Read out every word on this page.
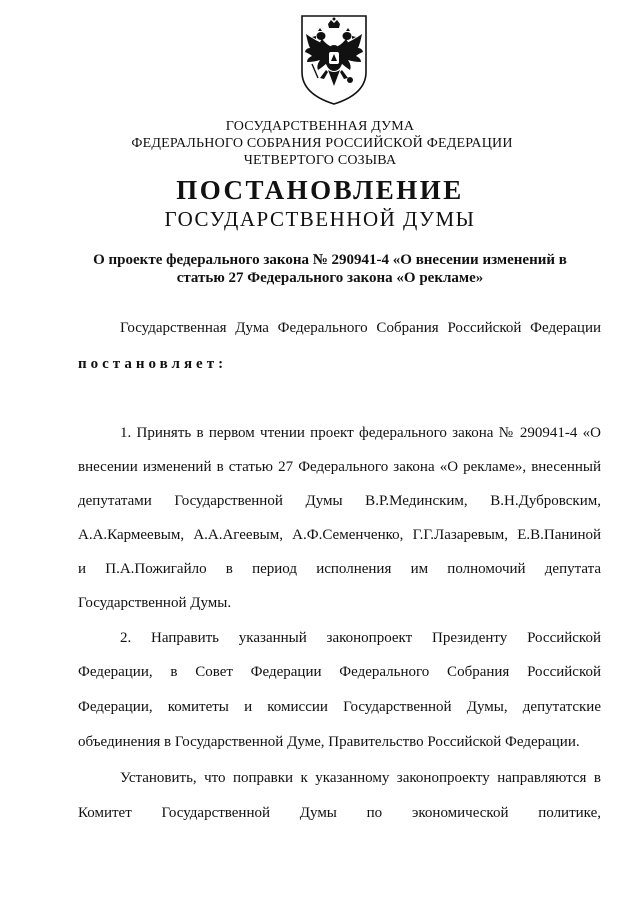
ГОСУДАРСТВЕННАЯ ДУМА
ФЕДЕРАЛЬНОГО СОБРАНИЯ РОССИЙСКОЙ ФЕДЕРАЦИИ
ЧЕТВЕРТОГО СОЗЫВА
ПОСТАНОВЛЕНИЕ
ГОСУДАРСТВЕННОЙ ДУМЫ
О проекте федерального закона № 290941-4 «О внесении изменений в
статью 27 Федерального закона «О рекламе»
Государственная Дума Федерального Собрания Российской Федерации
постановляет:
1. Принять в первом чтении проект федерального закона № 290941-4 «О
внесении изменений в статью 27 Федерального закона «О рекламе», внесенный
депутатами Государственной Думы В.Р.Мединским, В.Н.Дубровским,
А.А.Кармеевым, А.А.Агеевым, А.Ф.Семенченко, Г.Г.Лазаревым, Е.В.Паниной
и П.А.Пожигайло в период исполнения им полномочий депутата
Государственной Думы.
2. Направить указанный законопроект Президенту Российской
Федерации, в Совет Федерации Федерального Собрания Российской
Федерации, комитеты и комиссии Государственной Думы, депутатские
объединения в Государственной Думе, Правительство Российской Федерации.
Установить, что поправки к указанному законопроекту направляются в
Комитет Государственной Думы по экономической политике,
